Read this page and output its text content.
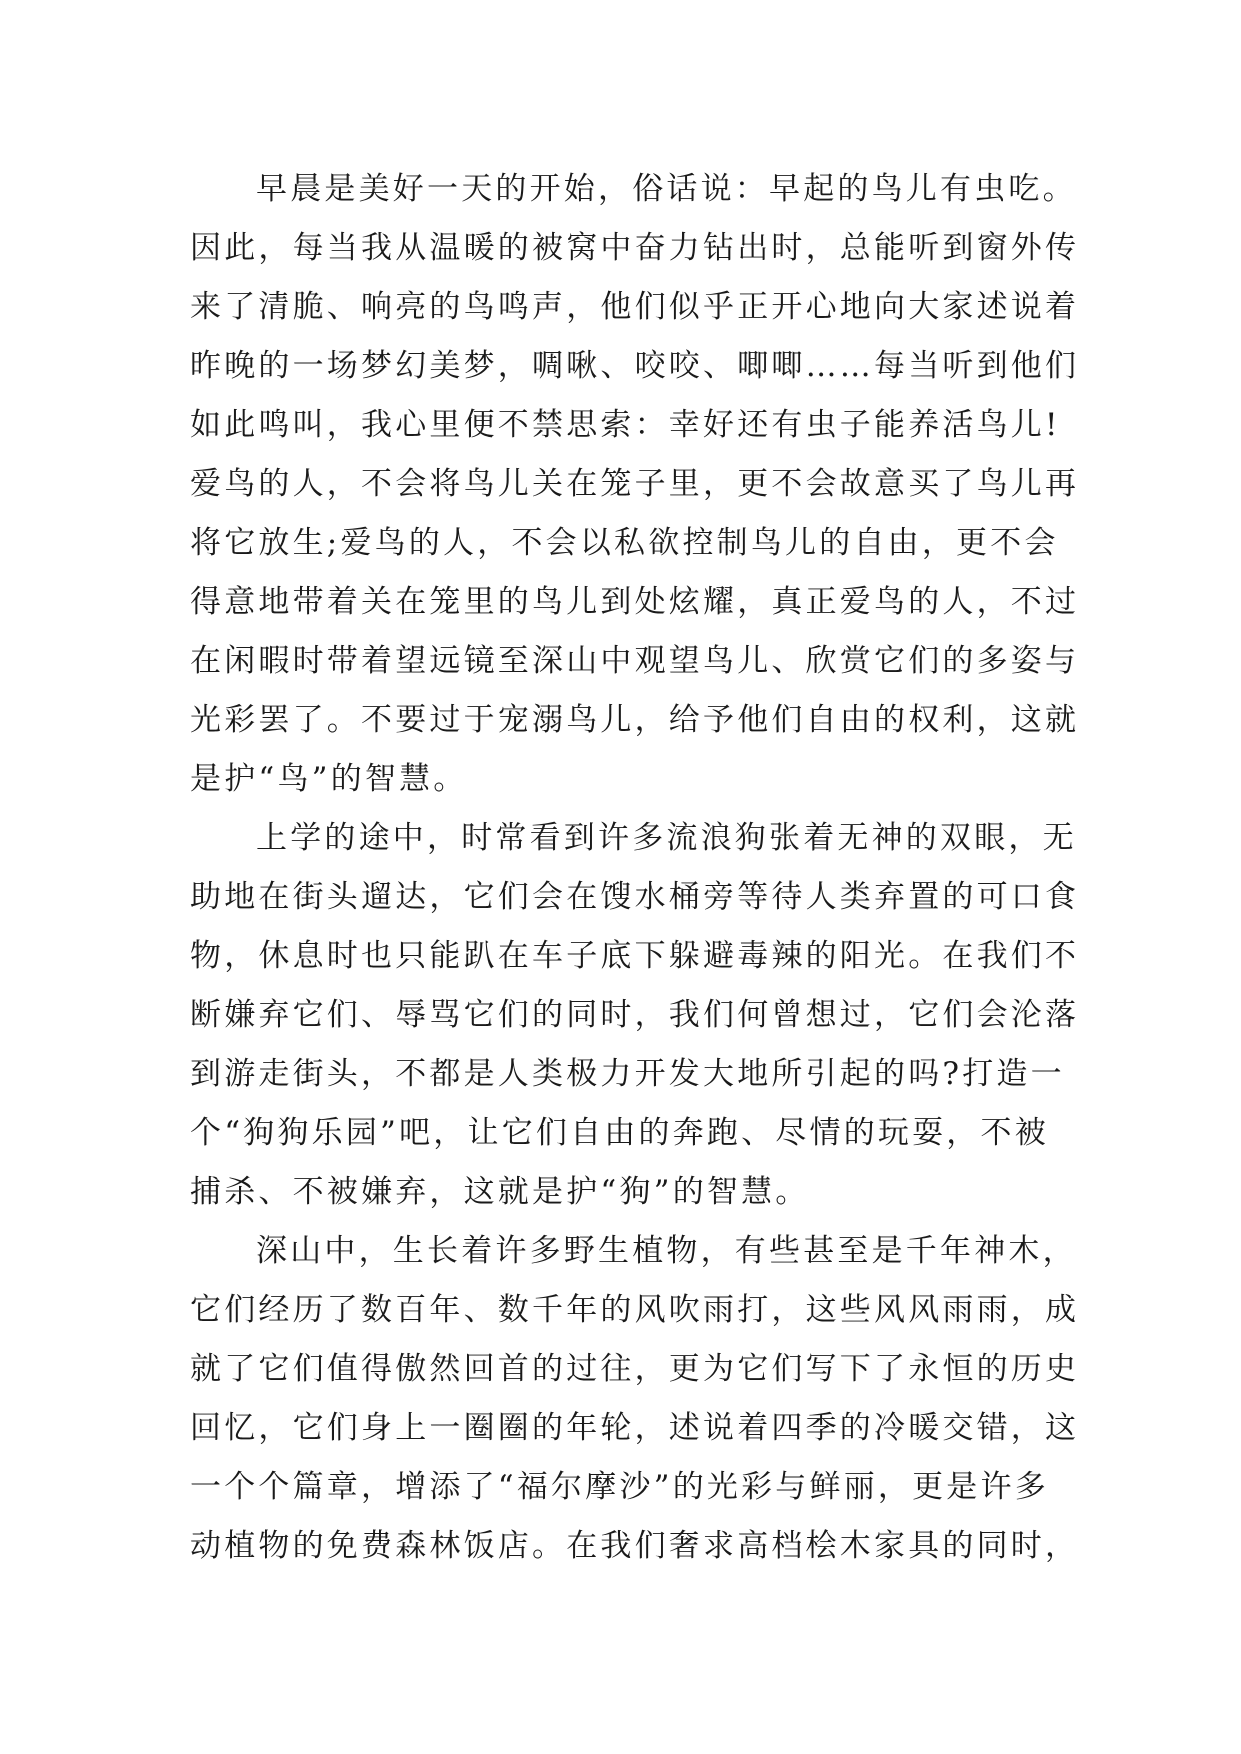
早晨是美好一天的开始，俗话说：早起的鸟儿有虫吃。
因此，每当我从温暖的被窝中奋力钻出时，总能听到窗外传
来了清脆、响亮的鸟鸣声，他们似乎正开心地向大家述说着
昨晚的一场梦幻美梦，啁啾、咬咬、唧唧……每当听到他们
如此鸣叫，我心里便不禁思索：幸好还有虫子能养活鸟儿!
爱鸟的人，不会将鸟儿关在笼子里，更不会故意买了鸟儿再
将它放生;爱鸟的人，不会以私欲控制鸟儿的自由，更不会
得意地带着关在笼里的鸟儿到处炫耀，真正爱鸟的人，不过
在闲暇时带着望远镜至深山中观望鸟儿、欣赏它们的多姿与
光彩罢了。不要过于宠溺鸟儿，给予他们自由的权利，这就
是护“鸟”的智慧。
上学的途中，时常看到许多流浪狗张着无神的双眼，无
助地在街头遛达，它们会在馊水桶旁等待人类弃置的可口食
物，休息时也只能趴在车子底下躲避毒辣的阳光。在我们不
断嫌弃它们、辱骂它们的同时，我们何曾想过，它们会沦落
到游走街头，不都是人类极力开发大地所引起的吗?打造一
个“狗狗乐园”吧，让它们自由的奔跑、尽情的玩耍，不被
捕杀、不被嫌弃，这就是护“狗”的智慧。
深山中，生长着许多野生植物，有些甚至是千年神木，
它们经历了数百年、数千年的风吹雨打，这些风风雨雨，成
就了它们值得傲然回首的过往，更为它们写下了永恒的历史
回忆，它们身上一圈圈的年轮，述说着四季的冷暖交错，这
一个个篇章，增添了“福尔摩沙”的光彩与鲜丽，更是许多
动植物的免费森林饭店。在我们奢求高档桧木家具的同时，
